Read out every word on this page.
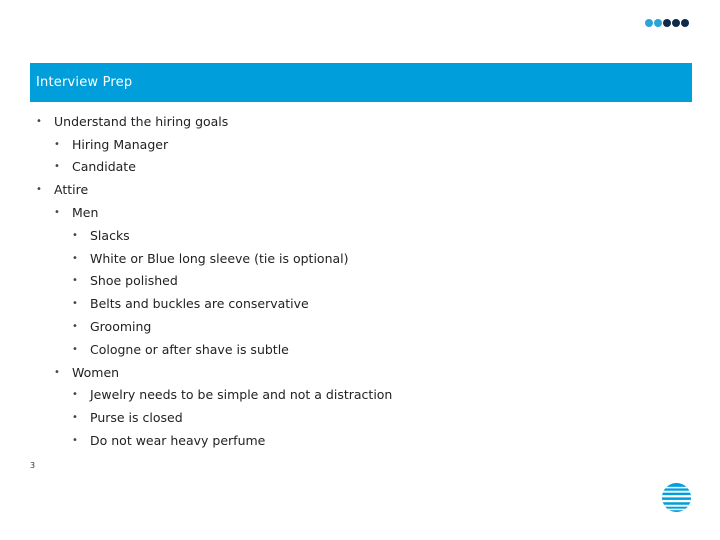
Interview Prep
• Understand the hiring goals
• Hiring Manager
• Candidate
• Attire
• Men
• Slacks
• White or Blue long sleeve (tie is optional)
• Shoe polished
• Belts and buckles are conservative
• Grooming
• Cologne or after shave is subtle
• Women
• Jewelry needs to be simple and not a distraction
• Purse is closed
• Do not wear heavy perfume
3
